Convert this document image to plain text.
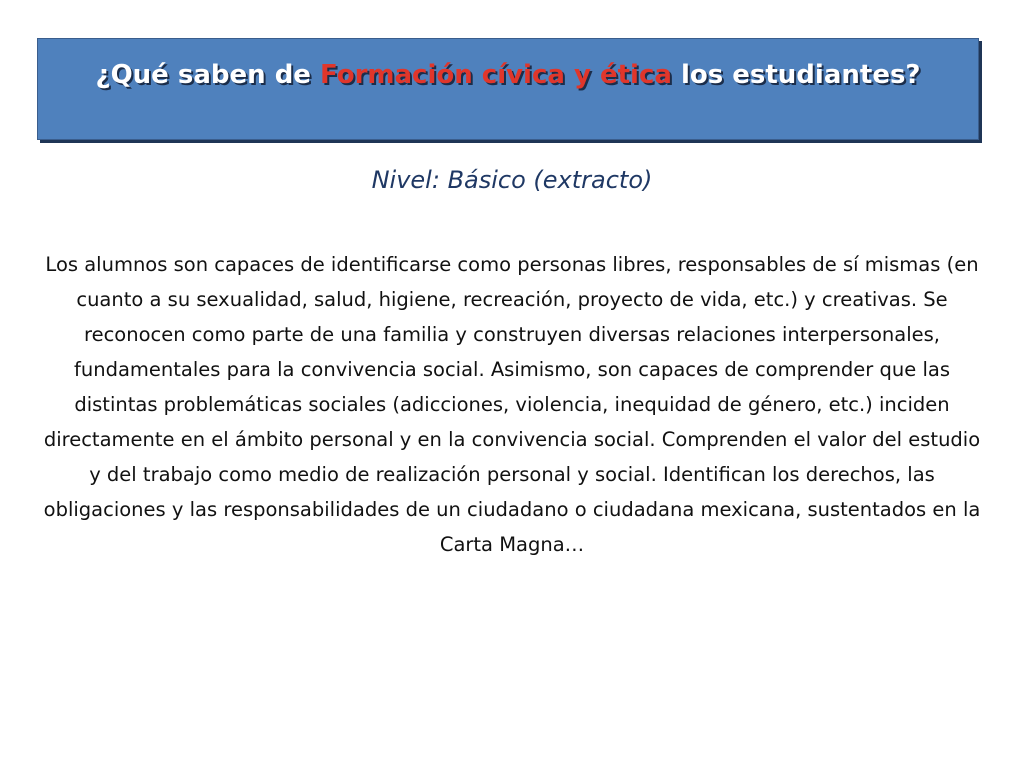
¿Qué saben de Formación cívica y ética los estudiantes?
Nivel: Básico (extracto)

Los alumnos son capaces de identificarse como personas libres, responsables de sí mismas (en cuanto a su sexualidad, salud, higiene, recreación, proyecto de vida, etc.) y creativas. Se reconocen como parte de una familia y construyen diversas relaciones interpersonales, fundamentales para la convivencia social. Asimismo, son capaces de comprender que las distintas problemáticas sociales (adicciones, violencia, inequidad de género, etc.) inciden directamente en el ámbito personal y en la convivencia social. Comprenden el valor del estudio y del trabajo como medio de realización personal y social. Identifican los derechos, las obligaciones y las responsabilidades de un ciudadano o ciudadana mexicana, sustentados en la Carta Magna…
